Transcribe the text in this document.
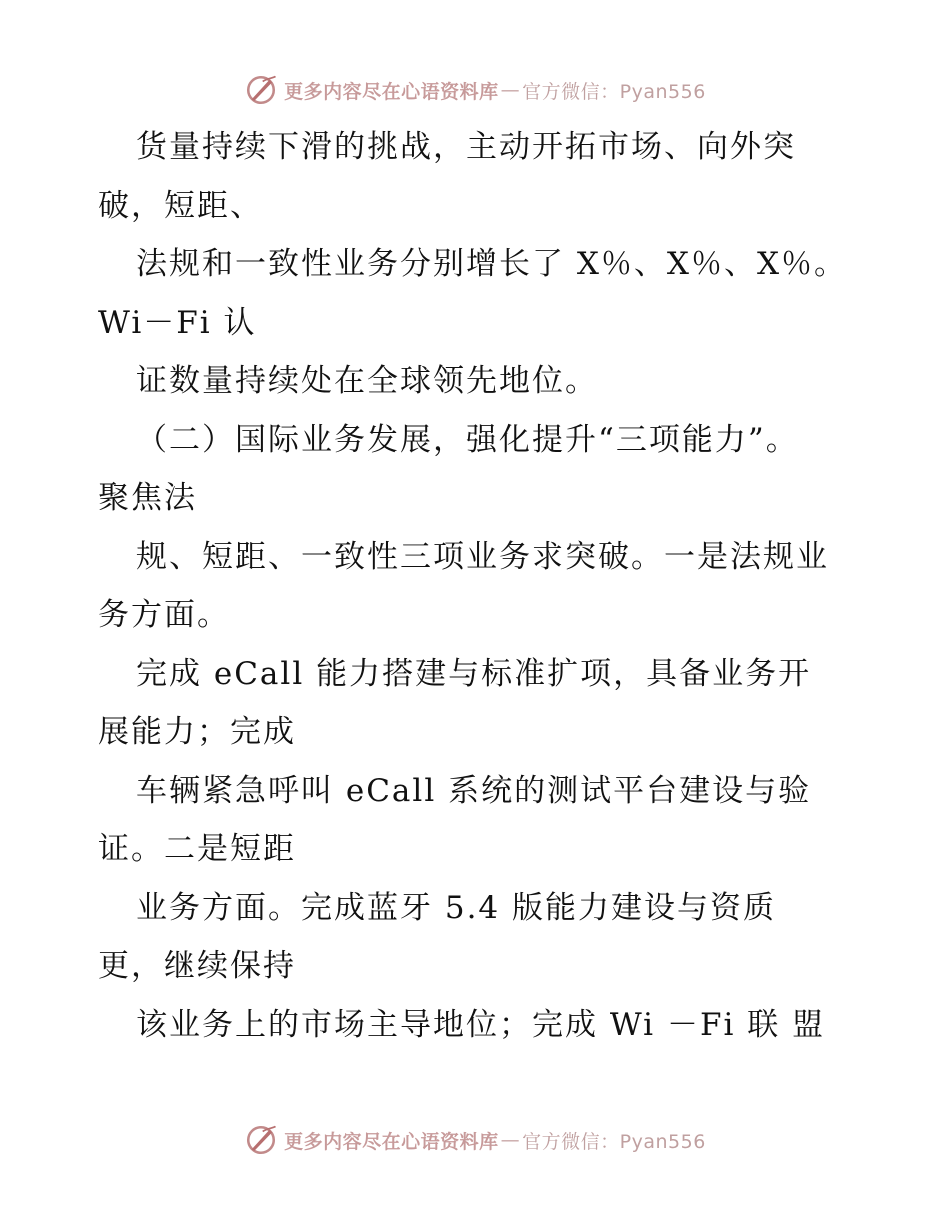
更多内容尽在心语资料库 — 官方微信：Pyan556
货量持续下滑的挑战，主动开拓市场、向外突
破，短距、
法规和一致性业务分别增长了 X％、X％、X％。
Wi－Fi 认
证数量持续处在全球领先地位。
（二）国际业务发展，强化提升“三项能力”。
聚焦法
规、短距、一致性三项业务求突破。一是法规业
务方面。
完成 eCall 能力搭建与标准扩项，具备业务开
展能力；完成
车辆紧急呼叫 eCall 系统的测试平台建设与验
证。二是短距
业务方面。完成蓝牙 5.4 版能力建设与资质
更，继续保持
该业务上的市场主导地位；完成 Wi －Fi 联 盟
更多内容尽在心语资料库 — 官方微信：Pyan556
